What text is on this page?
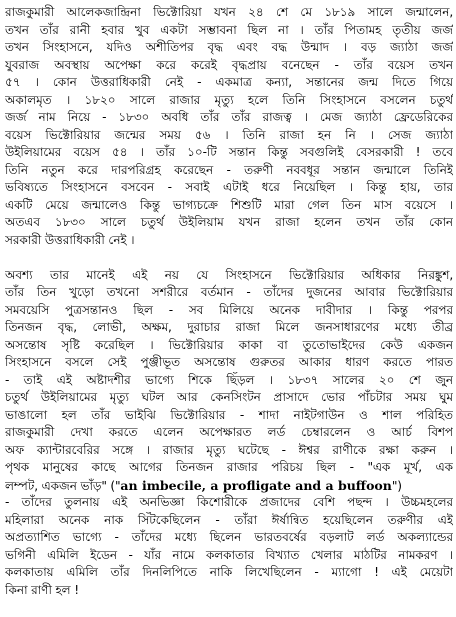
রাজকুমারী আলেকজান্দ্রিনা ভিক্টোরিয়া যখন ২৪ শে মে ১৮১৯ সালে জন্মালেন,
তখন তাঁর রানী হবার খুব একটা সম্ভাবনা ছিল না । তাঁর পিতামহ তৃতীয় জর্জ
তখন সিংহাসনে, যদিও অশীতিপর বৃদ্ধ এবং বদ্ধ উন্মাদ । বড় জ্যাঠা জর্জ
যুবরাজ অবস্থায় অপেক্ষা করে করেই বৃদ্ধপ্রায় বনেছেন - তাঁর বয়েস তখন
৫৭ । কোন উত্তরাধিকারী নেই - একমাত্র কন্যা, সন্তানের জন্ম দিতে গিয়ে
অকালমৃত । ১৮২০ সালে রাজার মৃত্যু হলে তিনি সিংহাসনে বসলেন চতুর্থ
জর্জ নাম নিয়ে - ১৮৩০ অবধি তাঁর তাঁর রাজত্ব । মেজ জ্যাঠা ফ্রেডেরিকের
বয়েস ভিক্টোরিয়ার জন্মের সময় ৫৬ । তিনি রাজা হন নি । সেজ জ্যাঠা
উইলিয়ামের বয়েস ৫৪ । তাঁর ১০-টি সন্তান কিন্তু সবগুলিই বেসরকারী ! তবে
তিনি নতুন করে দারপরিগ্রহ করেছেন - তরুণী নববধূর সন্তান জন্মালে তিনিই
ভবিষ্যতে সিংহাসনে বসবেন - সবাই এটাই ধরে নিয়েছিল । কিন্তু হায়, তার
একটি মেয়ে জন্মালেও কিন্তু ভাগ্যচক্রে শিশুটি মারা গেল তিন মাস বয়েসে ।
অতএব ১৮৩০ সালে চতুর্থ উইলিয়াম যখন রাজা হলেন তখন তাঁর কোন
সরকারী উত্তরাধিকারী নেই ।
অবশ্য তার মানেই এই নয় যে সিংহাসনে ভিক্টোরিয়ার অধিকার নিরঙ্কুশ,
তাঁর তিন খুড়ো তখনো সশরীরে বর্তমান - তাঁদের দুজনের আবার ভিক্টোরিয়ার
সমবয়েসি পুত্রসন্তানও ছিল - সব মিলিয়ে অনেক দাবীদার । কিন্তু পরপর
তিনজন বৃদ্ধ, লোভী, অক্ষম, দুরাচার রাজা মিলে জনসাধারণের মধ্যে তীব্র
অসন্তোষ সৃষ্টি করেছিল । ভিক্টোরিয়ার কাকা বা তুতোভাইদের কেউ একজন
সিংহাসনে বসলে সেই পুঞ্জীভূত অসন্তোষ গুরুতর আকার ধারণ করতে পারত
- তাই এই অষ্টাদশীর ভাগ্যে শিকে ছিঁড়ল । ১৮৩৭ সালের ২০ শে জুন
চতুর্থ উইলিয়ামের মৃত্যু ঘটল আর কেনসিংটন প্রাসাদে ভোর পাঁচটার সময় ঘুম
ভাঙালো হল তাঁর ভাইঝি ভিক্টোরিয়ার - শাদা নাইটগাউন ও শাল পরিহিত
রাজকুমারী দেখা করতে এলেন অপেক্ষারত লর্ড চেম্বারলেন ও আর্চ বিশপ
অফ ক্যান্টারবেরির সঙ্গে । রাজার মৃত্যু ঘটেছে - ঈশ্বর রাণীকে রক্ষা করুন ।
পৃথক মানুষের কাছে আগের তিনজন রাজার পরিচয় ছিল - "এক মূর্খ, এক
লম্পট, একজন ভাঁড়" ("an imbecile, a profligate and a buffoon")
- তাঁদের তুলনায় এই অনভিজ্ঞা কিশোরীকে প্রজাদের বেশি পছন্দ । উচ্চমহলের
মহিলারা অনেক নাক সিঁটকেছিলেন - তাঁরা ঈর্ষান্বিত হয়েছিলেন তরুণীর এই
অপ্রত্যাশিত ভাগ্যে - তাঁদের মধ্যে ছিলেন ভারতবর্ষের বড়লাট লর্ড অকল্যান্ডের
ভগিনী এমিলি ইডেন - যাঁর নামে কলকাতার বিখ্যাত খেলার মাঠটির নামকরণ ।
কলকাতায় এমিলি তাঁর দিনলিপিতে নাকি লিখেছিলেন - ম্যাগো ! এই মেয়েটা
কিনা রাণী হল !
